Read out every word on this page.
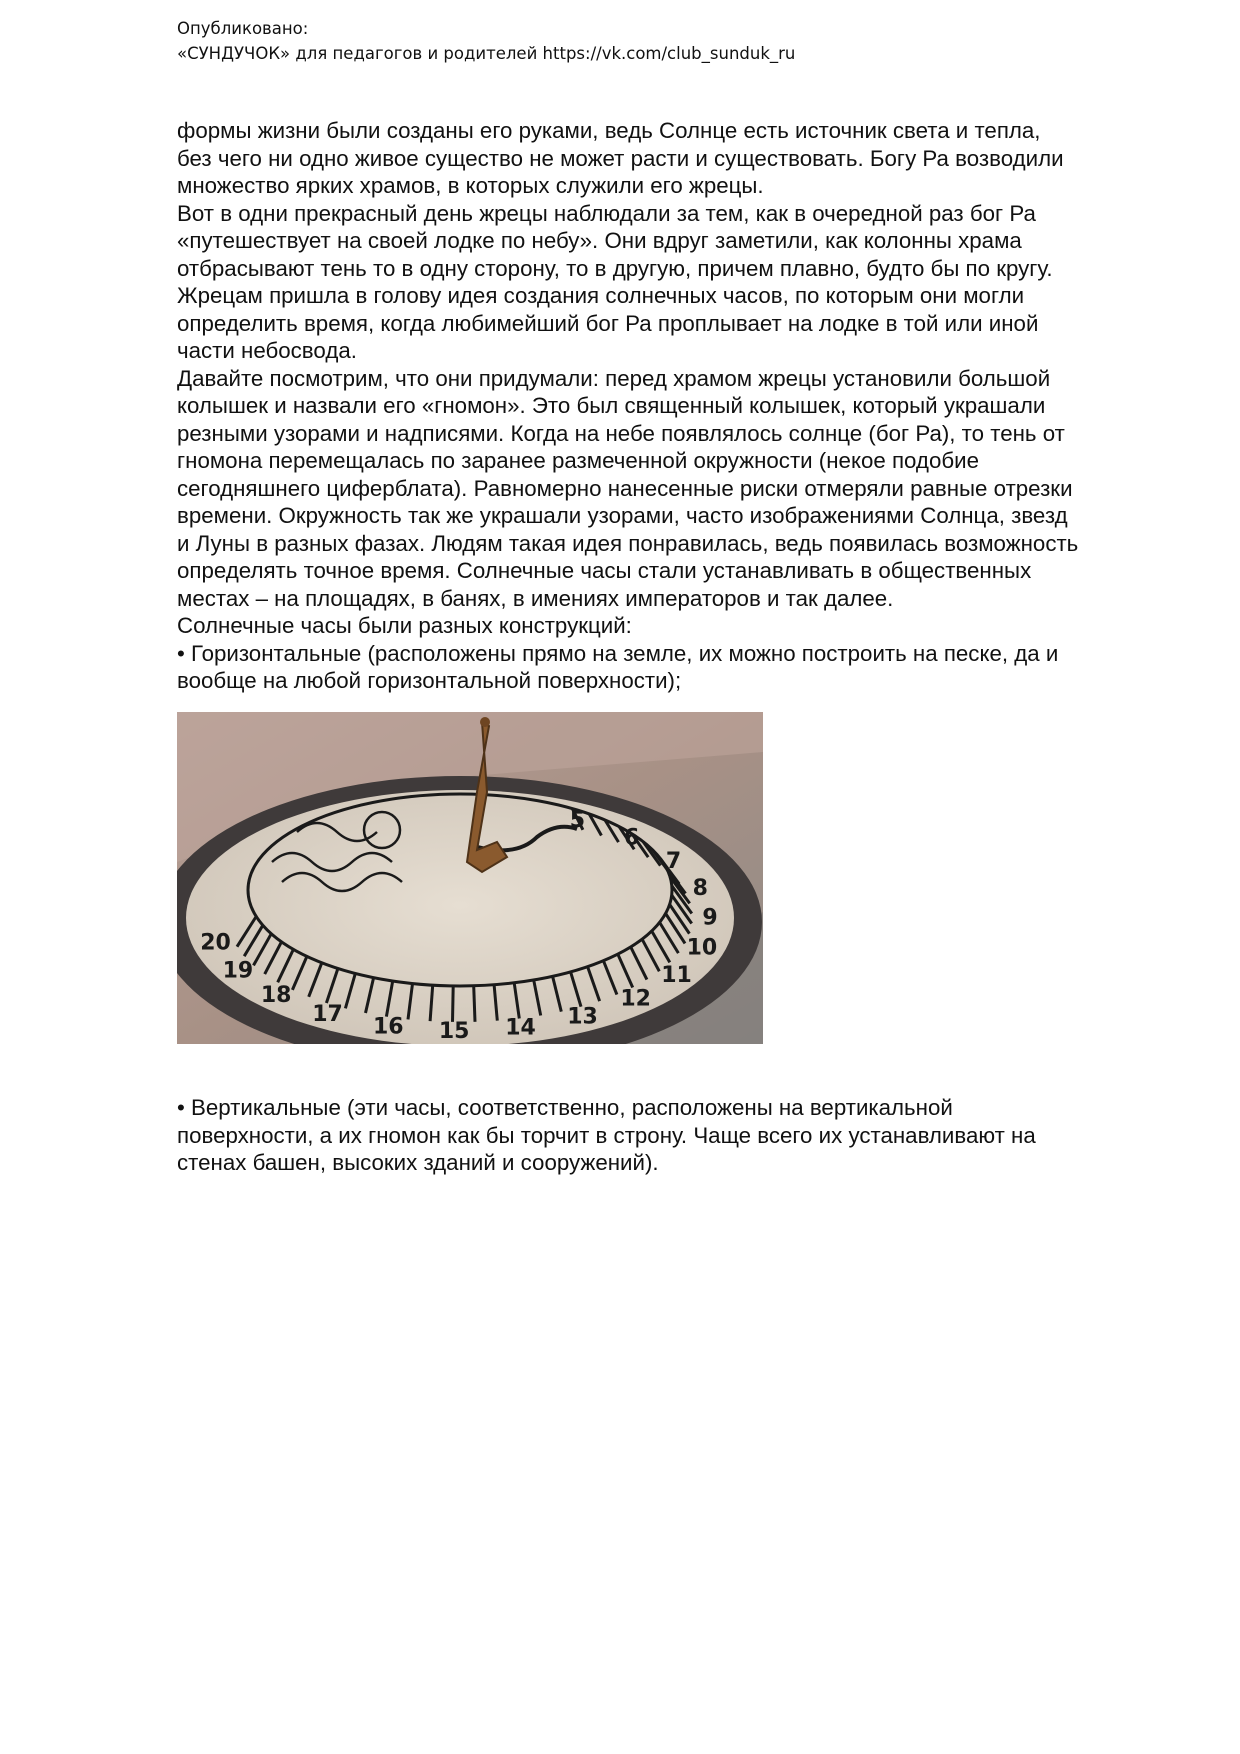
Опубликовано:
«СУНДУЧОК» для педагогов и родителей https://vk.com/club_sunduk_ru

формы жизни были созданы его руками, ведь Солнце есть источник света и тепла,
без чего ни одно живое существо не может расти и существовать. Богу Ра возводили
множество ярких храмов, в которых служили его жрецы.

Вот в одни прекрасный день жрецы наблюдали за тем, как в очередной раз бог Ра
«путешествует на своей лодке по небу». Они вдруг заметили, как колонны храма
отбрасывают тень то в одну сторону, то в другую, причем плавно, будто бы по кругу.
Жрецам пришла в голову идея создания солнечных часов, по которым они могли
определить время, когда любимейший бог Ра проплывает на лодке в той или иной
части небосвода.

Давайте посмотрим, что они придумали: перед храмом жрецы установили большой
колышек и назвали его «гномон». Это был священный колышек, который украшали
резными узорами и надписями. Когда на небе появлялось солнце (бог Ра), то тень от
гномона перемещалась по заранее размеченной окружности (некое подобие
сегодняшнего циферблата). Равномерно нанесенные риски отмеряли равные отрезки
времени. Окружность так же украшали узорами, часто изображениями Солнца, звезд
и Луны в разных фазах. Людям такая идея понравилась, ведь появилась возможность
определять точное время. Солнечные часы стали устанавливать в общественных
местах – на площадях, в банях, в имениях императоров и так далее.

Солнечные часы были разных конструкций:

• Горизонтальные (расположены прямо на земле, их можно построить на песке, да и
вообще на любой горизонтальной поверхности);

20
19
18
17 16 15 14 13
12
11
10
9
8
7
6
5

• Вертикальные (эти часы, соответственно, расположены на вертикальной
поверхности, а их гномон как бы торчит в строну. Чаще всего их устанавливают на
стенах башен, высоких зданий и сооружений).
